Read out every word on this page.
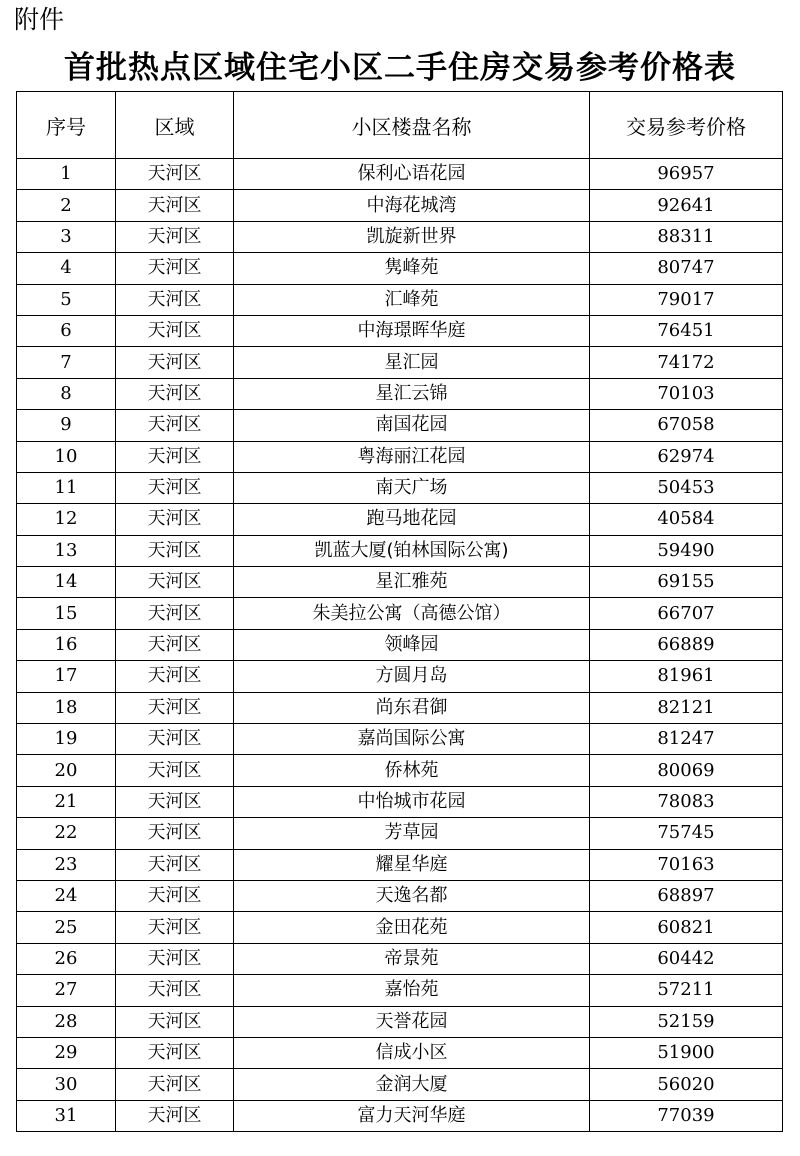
附件
首批热点区域住宅小区二手住房交易参考价格表
序号	区域	小区楼盘名称	交易参考价格
1	天河区	保利心语花园	96957
2	天河区	中海花城湾	92641
3	天河区	凯旋新世界	88311
4	天河区	隽峰苑	80747
5	天河区	汇峰苑	79017
6	天河区	中海璟晖华庭	76451
7	天河区	星汇园	74172
8	天河区	星汇云锦	70103
9	天河区	南国花园	67058
10	天河区	粤海丽江花园	62974
11	天河区	南天广场	50453
12	天河区	跑马地花园	40584
13	天河区	凯蓝大厦(铂林国际公寓)	59490
14	天河区	星汇雅苑	69155
15	天河区	朱美拉公寓（高德公馆）	66707
16	天河区	领峰园	66889
17	天河区	方圆月岛	81961
18	天河区	尚东君御	82121
19	天河区	嘉尚国际公寓	81247
20	天河区	侨林苑	80069
21	天河区	中怡城市花园	78083
22	天河区	芳草园	75745
23	天河区	耀星华庭	70163
24	天河区	天逸名都	68897
25	天河区	金田花苑	60821
26	天河区	帝景苑	60442
27	天河区	嘉怡苑	57211
28	天河区	天誉花园	52159
29	天河区	信成小区	51900
30	天河区	金润大厦	56020
31	天河区	富力天河华庭	77039
